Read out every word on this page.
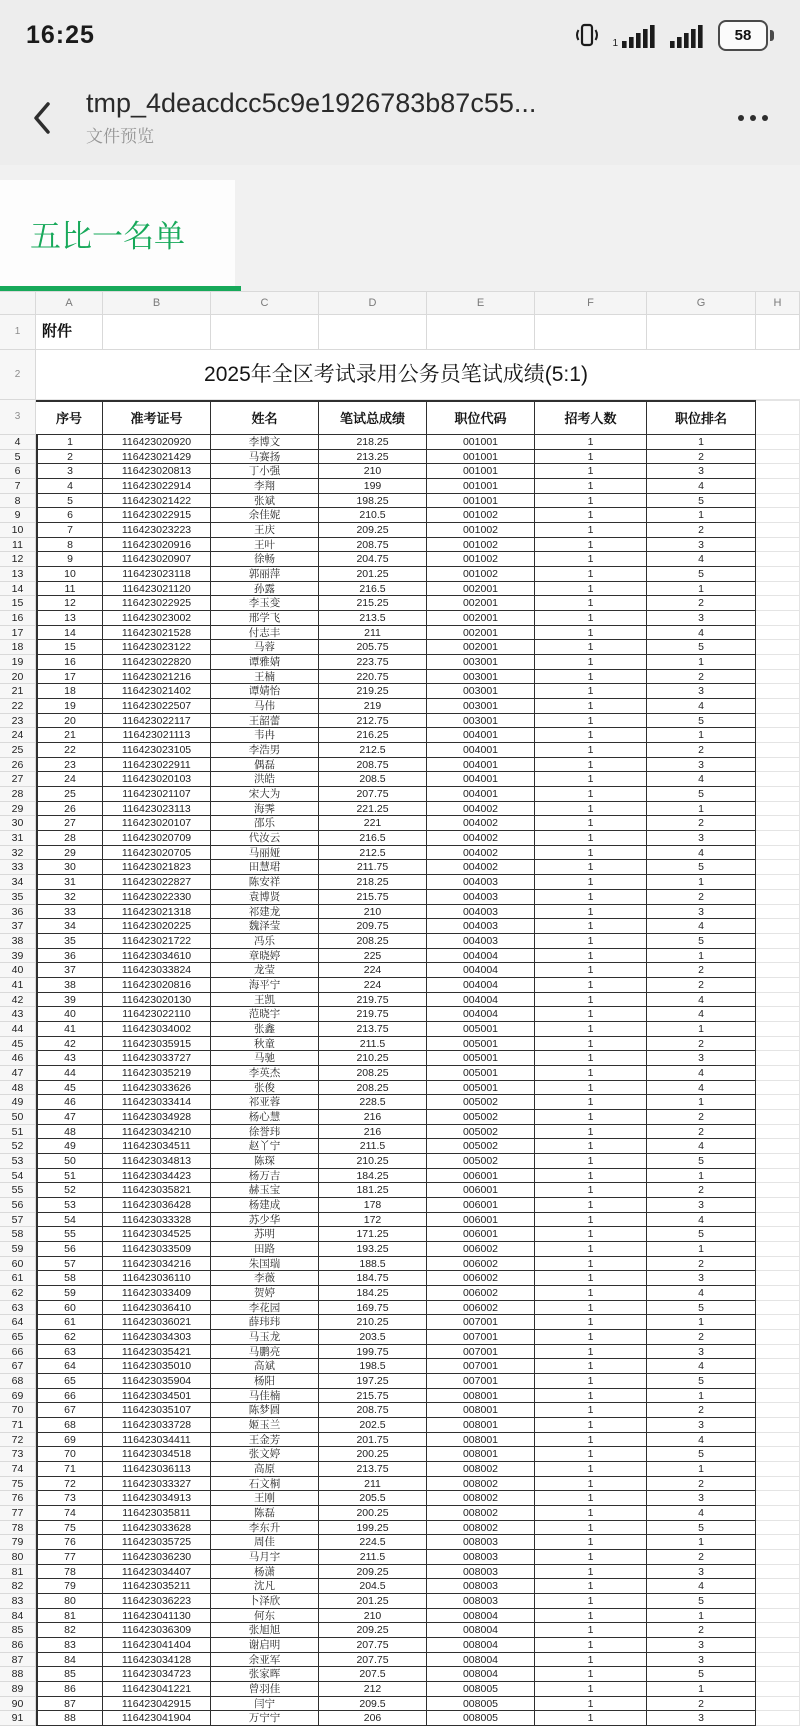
16:25	1	58
tmp_4deacdcc5c9e1926783b87c55...
文件预览
五比一名单
A	B	C	D	E	F	G	H
1	附件
2	2025年全区考试录用公务员笔试成绩(5:1)
3	序号	准考证号	姓名	笔试总成绩	职位代码	招考人数	职位排名
4	1	116423020920	李博文	218.25	001001	1	1
5	2	116423021429	马赛扬	213.25	001001	1	2
6	3	116423020813	丁小强	210	001001	1	3
7	4	116423022914	李翔	199	001001	1	4
8	5	116423021422	张斌	198.25	001001	1	5
9	6	116423022915	余佳妮	210.5	001002	1	1
10	7	116423023223	王庆	209.25	001002	1	2
11	8	116423020916	王叶	208.75	001002	1	3
12	9	116423020907	徐畅	204.75	001002	1	4
13	10	116423023118	郭丽萍	201.25	001002	1	5
14	11	116423021120	孙露	216.5	002001	1	1
15	12	116423022925	李玉变	215.25	002001	1	2
16	13	116423023002	邢学飞	213.5	002001	1	3
17	14	116423021528	付志丰	211	002001	1	4
18	15	116423023122	马蓉	205.75	002001	1	5
19	16	116423022820	谭雅婧	223.75	003001	1	1
20	17	116423021216	王楠	220.75	003001	1	2
21	18	116423021402	谭婧怡	219.25	003001	1	3
22	19	116423022507	马伟	219	003001	1	4
23	20	116423022117	王韶蕾	212.75	003001	1	5
24	21	116423021113	韦冉	216.25	004001	1	1
25	22	116423023105	李浩男	212.5	004001	1	2
26	23	116423022911	偶磊	208.75	004001	1	3
27	24	116423020103	洪皓	208.5	004001	1	4
28	25	116423021107	宋大为	207.75	004001	1	5
29	26	116423023113	海霁	221.25	004002	1	1
30	27	116423020107	邵乐	221	004002	1	2
31	28	116423020709	代汝云	216.5	004002	1	3
32	29	116423020705	马丽娅	212.5	004002	1	4
33	30	116423021823	田慧珺	211.75	004002	1	5
34	31	116423022827	陈安祥	218.25	004003	1	1
35	32	116423022330	袁博贤	215.75	004003	1	2
36	33	116423021318	祁建龙	210	004003	1	3
37	34	116423020225	魏泽莹	209.75	004003	1	4
38	35	116423021722	冯乐	208.25	004003	1	5
39	36	116423034610	章晓婷	225	004004	1	1
40	37	116423033824	龙莹	224	004004	1	2
41	38	116423020816	海平宁	224	004004	1	2
42	39	116423020130	王凯	219.75	004004	1	4
43	40	116423022110	范晓宇	219.75	004004	1	4
44	41	116423034002	张鑫	213.75	005001	1	1
45	42	116423035915	秋童	211.5	005001	1	2
46	43	116423033727	马驰	210.25	005001	1	3
47	44	116423035219	李英杰	208.25	005001	1	4
48	45	116423033626	张俊	208.25	005001	1	4
49	46	116423033414	祁亚蓉	228.5	005002	1	1
50	47	116423034928	杨心慧	216	005002	1	2
51	48	116423034210	徐誉玮	216	005002	1	2
52	49	116423034511	赵丫宁	211.5	005002	1	4
53	50	116423034813	陈琛	210.25	005002	1	5
54	51	116423034423	杨万吉	184.25	006001	1	1
55	52	116423035821	赫玉宝	181.25	006001	1	2
56	53	116423036428	杨建成	178	006001	1	3
57	54	116423033328	苏少华	172	006001	1	4
58	55	116423034525	苏明	171.25	006001	1	5
59	56	116423033509	田路	193.25	006002	1	1
60	57	116423034216	朱国瑞	188.5	006002	1	2
61	58	116423036110	李薇	184.75	006002	1	3
62	59	116423033409	贺婷	184.25	006002	1	4
63	60	116423036410	李花园	169.75	006002	1	5
64	61	116423036021	薛玮玮	210.25	007001	1	1
65	62	116423034303	马玉龙	203.5	007001	1	2
66	63	116423035421	马鹏亮	199.75	007001	1	3
67	64	116423035010	高斌	198.5	007001	1	4
68	65	116423035904	杨阳	197.25	007001	1	5
69	66	116423034501	马佳楠	215.75	008001	1	1
70	67	116423035107	陈梦圆	208.75	008001	1	2
71	68	116423033728	姬玉兰	202.5	008001	1	3
72	69	116423034411	王金芳	201.75	008001	1	4
73	70	116423034518	张文婷	200.25	008001	1	5
74	71	116423036113	高原	213.75	008002	1	1
75	72	116423033327	石文桐	211	008002	1	2
76	73	116423034913	王刚	205.5	008002	1	3
77	74	116423035811	陈磊	200.25	008002	1	4
78	75	116423033628	李东升	199.25	008002	1	5
79	76	116423035725	周佳	224.5	008003	1	1
80	77	116423036230	马月宇	211.5	008003	1	2
81	78	116423034407	杨潇	209.25	008003	1	3
82	79	116423035211	沈凡	204.5	008003	1	4
83	80	116423036223	卜泽欣	201.25	008003	1	5
84	81	116423041130	何东	210	008004	1	1
85	82	116423036309	张旭旭	209.25	008004	1	2
86	83	116423041404	谢启明	207.75	008004	1	3
87	84	116423034128	余亚军	207.75	008004	1	3
88	85	116423034723	张家晖	207.5	008004	1	5
89	86	116423041221	曾羽佳	212	008005	1	1
90	87	116423042915	闫宁	209.5	008005	1	2
91	88	116423041904	万宁宁	206	008005	1	3
